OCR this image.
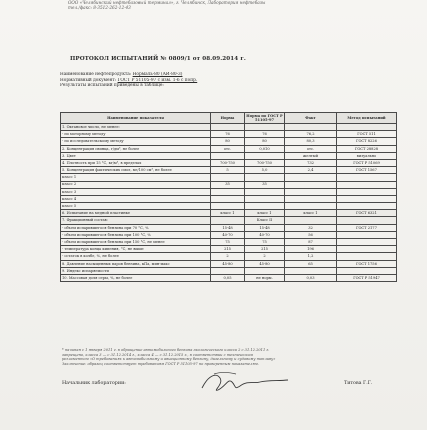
ООО «Челябинский нефтебазовый терминал», г. Челябинск, Лаборатория нефтебазы
тел./факс: 8-3512-262-12-43
ПРОТОКОЛ ИСПЫТАНИЙ № 0809/1 от 08.09.2014 г.
Наименование нефтепродукта: Нормаль-80 (АИ-80-3)
Нормативный документ: ГОСТ Р 51105-97 с изм. 1-6 с попр.
Результаты испытаний приведены в таблице:
Наименование показателя	Норма	Норма по ГОСТ Р 51105-97	Факт	Метод испытаний
1. Октановое число, не менее:				
- по моторному методу	76	76	76,2	ГОСТ 511
- по исследовательскому методу	80	80	80,3	ГОСТ 8226
2. Концентрация свинца, г/дм³, не более	отс.	0,010	отс.	ГОСТ 28828
3. Цвет			желтый	визуально
4. Плотность при 15 °С, кг/м³, в пределах	700-750	700-750	732	ГОСТ Р 51069
5. Концентрация фактических смол, мг/100 см³, не более	5	5,0	2,4	ГОСТ 1567
класс 1				
класс 2	35	35		
класс 3				
класс 4				
класс 5				
6. Испытание на медной пластинке	класс 1	класс 1	класс 1	ГОСТ 6321
7. Фракционный состав:		Класс II		
- объем испарившегося бензина при 70 °С, %	15-48	15-48	32	ГОСТ 2177
- объем испарившегося бензина при 100 °С, %	40-70	40-70	56	
- объем испарившегося бензина при 150 °С, не менее	75	75	87	
- температура конца кипения, °С, не выше	215	215	196	
- остаток в колбе, %, не более	2	2	1,2	
8. Давление насыщенных паров бензина, кПа, мин-макс	45-80	45-80	65	ГОСТ 1756
9. Индекс испаряемости				
10. Массовая доля серы, %, не более	0,05	не норм.	0,03	ГОСТ Р 51947

* начиная с 1 января 2011 г. в обращение автомобильного бензина экологического класса 2 с 31.12.2011 г.

запрещено, класса 3 — с 31.12.2014 г., класса 4 — с 31.12.2015 г., в соответствии с техническим

регламентом «О требованиях к автомобильному и авиационному бензину, дизельному и судовому топливу»

Заключение: образец соответствует требованиям ГОСТ Р 51105-97 по проверенным показателям.

Начальник лаборатории:	Титова Г.Г.
